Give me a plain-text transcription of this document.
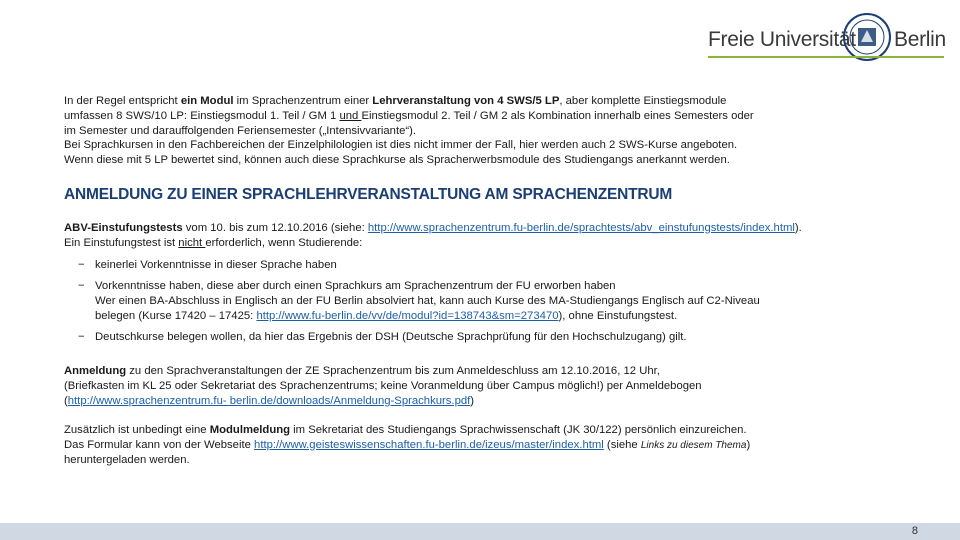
Freie Universität Berlin

In der Regel entspricht ein Modul im Sprachenzentrum einer Lehrveranstaltung von 4 SWS/5 LP, aber komplette Einstiegsmodule

umfassen 8 SWS/10 LP: Einstiegsmodul 1. Teil / GM 1 und Einstiegsmodul 2. Teil / GM 2 als Kombination innerhalb eines Semesters oder

im Semester und darauffolgenden Feriensemester („Intensivvariante“).

Bei Sprachkursen in den Fachbereichen der Einzelphilologien ist dies nicht immer der Fall, hier werden auch 2 SWS-Kurse angeboten.

Wenn diese mit 5 LP bewertet sind, können auch diese Sprachkurse als Spracherwerbsmodule des Studiengangs anerkannt werden.

ANMELDUNG ZU EINER SPRACHLEHRVERANSTALTUNG AM SPRACHENZENTRUM

ABV-Einstufungstests vom 10. bis zum 12.10.2016 (siehe: http://www.sprachenzentrum.fu-berlin.de/sprachtests/abv_einstufungstests/index.html).

Ein Einstufungstest ist nicht erforderlich, wenn Studierende:

− keinerlei Vorkenntnisse in dieser Sprache haben
− Vorkenntnisse haben, diese aber durch einen Sprachkurs am Sprachenzentrum der FU erworben haben
Wer einen BA-Abschluss in Englisch an der FU Berlin absolviert hat, kann auch Kurse des MA-Studiengangs Englisch auf C2-Niveau
belegen (Kurse 17420 – 17425: http://www.fu-berlin.de/vv/de/modul?id=138743&sm=273470), ohne Einstufungstest.
− Deutschkurse belegen wollen, da hier das Ergebnis der DSH (Deutsche Sprachprüfung für den Hochschulzugang) gilt.

Anmeldung zu den Sprachveranstaltungen der ZE Sprachenzentrum bis zum Anmeldeschluss am 12.10.2016, 12 Uhr,

(Briefkasten im KL 25 oder Sekretariat des Sprachenzentrums; keine Voranmeldung über Campus möglich!) per Anmeldebogen

(http://www.sprachenzentrum.fu- berlin.de/downloads/Anmeldung-Sprachkurs.pdf)

Zusätzlich ist unbedingt eine Modulmeldung im Sekretariat des Studiengangs Sprachwissenschaft (JK 30/122) persönlich einzureichen.

Das Formular kann von der Webseite http://www.geisteswissenschaften.fu-berlin.de/izeus/master/index.html (siehe Links zu diesem Thema)

heruntergeladen werden.

8
